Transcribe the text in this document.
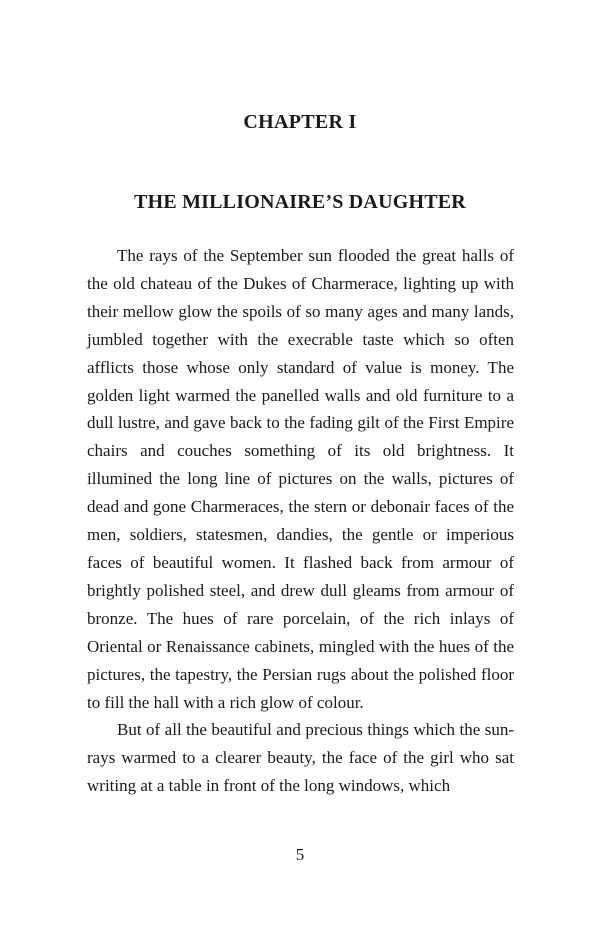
CHAPTER I
THE MILLIONAIRE’S DAUGHTER

The rays of the September sun flooded the great halls of the old chateau of the Dukes of Charmerace, lighting up with their mellow glow the spoils of so many ages and many lands, jumbled together with the execrable taste which so often afflicts those whose only standard of value is money. The golden light warmed the panelled walls and old furniture to a dull lustre, and gave back to the fading gilt of the First Empire chairs and couches something of its old brightness. It illumined the long line of pictures on the walls, pictures of dead and gone Charmeraces, the stern or debonair faces of the men, soldiers, statesmen, dandies, the gentle or imperious faces of beautiful women. It flashed back from armour of brightly polished steel, and drew dull gleams from armour of bronze. The hues of rare porcelain, of the rich inlays of Oriental or Renaissance cabinets, mingled with the hues of the pictures, the tapestry, the Persian rugs about the polished floor to fill the hall with a rich glow of colour.

But of all the beautiful and precious things which the sun-rays warmed to a clearer beauty, the face of the girl who sat writing at a table in front of the long windows, which

5
